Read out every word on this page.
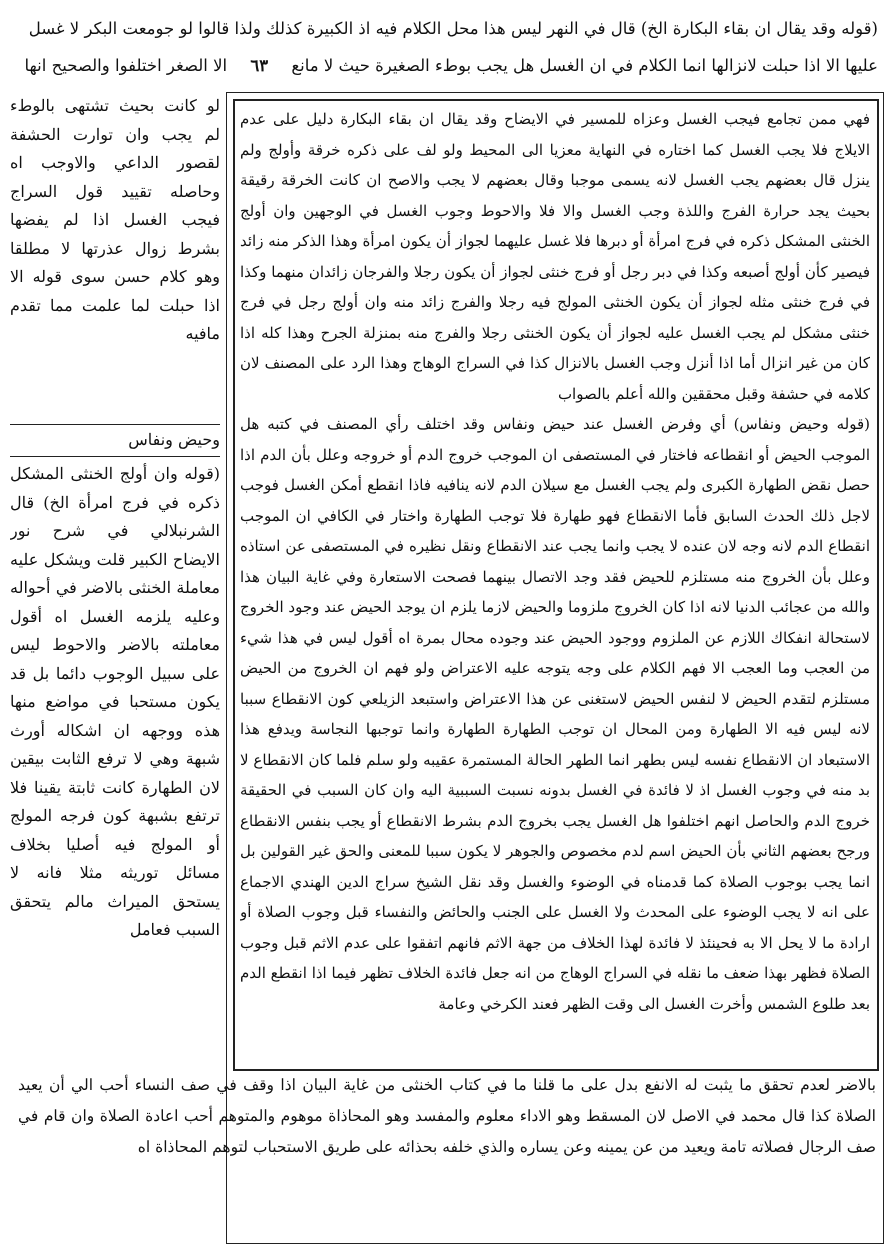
(قوله وقد يقال ان بقاء البكارة الخ) قال في النهر ليس هذا محل الكلام فيه اذ الكبيرة كذلك ولذا قالوا لو جومعت البكر لا غسل
عليها الا اذا حبلت لانزالها انما الكلام في ان الغسل هل يجب بوطء الصغيرة حيث لا مانع ٦٣ الا الصغر اختلفوا والصحيح انها

فهي ممن تجامع فيجب الغسل وعزاه للمسير في الايضاح وقد يقال ان بقاء البكارة دليل على عدم الايلاج فلا يجب الغسل كما اختاره في النهاية معزيا الى المحيط ولو لف على ذكره خرقة وأولج ولم ينزل قال بعضهم يجب الغسل لانه يسمى موجبا وقال بعضهم لا يجب والاصح ان كانت الخرقة رقيقة بحيث يجد حرارة الفرج واللذة وجب الغسل والا فلا والاحوط وجوب الغسل في الوجهين وان أولج الخنثى المشكل ذكره في فرج امرأة أو دبرها فلا غسل عليهما لجواز أن يكون امرأة وهذا الذكر منه زائد فيصير كأن أولج أصبعه وكذا في دبر رجل أو فرج خنثى لجواز أن يكون رجلا والفرجان زائدان منهما وكذا في فرج خنثى مثله لجواز أن يكون الخنثى المولج فيه رجلا والفرج زائد منه وان أولج رجل في فرج خنثى مشكل لم يجب الغسل عليه لجواز أن يكون الخنثى رجلا والفرج منه بمنزلة الجرح وهذا كله اذا كان من غير انزال أما اذا أنزل وجب الغسل بالانزال كذا في السراج الوهاج وهذا الرد على المصنف لان كلامه في حشفة وقبل محققين والله أعلم بالصواب

(قوله وحيض ونفاس) أي وفرض الغسل عند حيض ونفاس وقد اختلف رأي المصنف في كتبه هل الموجب الحيض أو انقطاعه فاختار في المستصفى ان الموجب خروج الدم أو خروجه وعلل بأن الدم اذا حصل نقض الطهارة الكبرى ولم يجب الغسل مع سيلان الدم لانه ينافيه فاذا انقطع أمكن الغسل فوجب لاجل ذلك الحدث السابق فأما الانقطاع فهو طهارة فلا توجب الطهارة واختار في الكافي ان الموجب انقطاع الدم لانه وجه لان عنده لا يجب وانما يجب عند الانقطاع ونقل نظيره في المستصفى عن استاذه وعلل بأن الخروج منه مستلزم للحيض فقد وجد الاتصال بينهما فصحت الاستعارة وفي غاية البيان هذا والله من عجائب الدنيا لانه اذا كان الخروج ملزوما والحيض لازما يلزم ان يوجد الحيض عند وجود الخروج لاستحالة انفكاك اللازم عن الملزوم ووجود الحيض عند وجوده محال بمرة اه أقول ليس في هذا شيء من العجب وما العجب الا فهم الكلام على وجه يتوجه عليه الاعتراض ولو فهم ان الخروج من الحيض مستلزم لتقدم الحيض لا لنفس الحيض لاستغنى عن هذا الاعتراض واستبعد الزيلعي كون الانقطاع سببا لانه ليس فيه الا الطهارة ومن المحال ان توجب الطهارة الطهارة وانما توجبها النجاسة ويدفع هذا الاستبعاد ان الانقطاع نفسه ليس بطهر انما الطهر الحالة المستمرة عقيبه ولو سلم فلما كان الانقطاع لا بد منه في وجوب الغسل اذ لا فائدة في الغسل بدونه نسبت السببية اليه وان كان السبب في الحقيقة خروج الدم والحاصل انهم اختلفوا هل الغسل يجب بخروج الدم بشرط الانقطاع أو يجب بنفس الانقطاع ورجح بعضهم الثاني بأن الحيض اسم لدم مخصوص والجوهر لا يكون سببا للمعنى والحق غير القولين بل انما يجب بوجوب الصلاة كما قدمناه في الوضوء والغسل وقد نقل الشيخ سراج الدين الهندي الاجماع على انه لا يجب الوضوء على المحدث ولا الغسل على الجنب والحائض والنفساء قبل وجوب الصلاة أو ارادة ما لا يحل الا به فحينئذ لا فائدة لهذا الخلاف من جهة الاثم فانهم اتفقوا على عدم الاثم قبل وجوب الصلاة فظهر بهذا ضعف ما نقله في السراج الوهاج من انه جعل فائدة الخلاف تظهر فيما اذا انقطع الدم بعد طلوع الشمس وأخرت الغسل الى وقت الظهر فعند الكرخي وعامة

لو كانت بحيث تشتهى بالوطء لم يجب وان توارت الحشفة لقصور الداعي والاوجب اه وحاصله تقييد قول السراج فيجب الغسل اذا لم يفضها بشرط زوال عذرتها لا مطلقا وهو كلام حسن سوى قوله الا اذا حبلت لما علمت مما تقدم مافيه
وحيض ونفاس
(قوله وان أولج الخنثى المشكل ذكره في فرج امرأة الخ) قال الشرنبلالي في شرح نور الايضاح الكبير قلت ويشكل عليه معاملة الخنثى بالاضر في أحواله وعليه يلزمه الغسل اه أقول معاملته بالاضر والاحوط ليس على سبيل الوجوب دائما بل قد يكون مستحبا في مواضع منها هذه ووجهه ان اشكاله أورث شبهة وهي لا ترفع الثابت بيقين لان الطهارة كانت ثابتة يقينا فلا ترتفع بشبهة كون فرجه المولج أو المولج فيه أصليا بخلاف مسائل توريثه مثلا فانه لا يستحق الميراث مالم يتحقق السبب فعامل
بالاضر لعدم تحقق ما يثبت له الانفع بدل على ما قلنا ما في كتاب الخنثى من غاية البيان اذا وقف في صف النساء أحب الي أن يعيد الصلاة كذا قال محمد في الاصل لان المسقط وهو الاداء معلوم والمفسد وهو المحاذاة موهوم والمتوهم أحب اعادة الصلاة وان قام في صف الرجال فصلاته تامة ويعيد من عن يمينه وعن يساره والذي خلفه بحذائه على طريق الاستحباب لتوهم المحاذاة اه
